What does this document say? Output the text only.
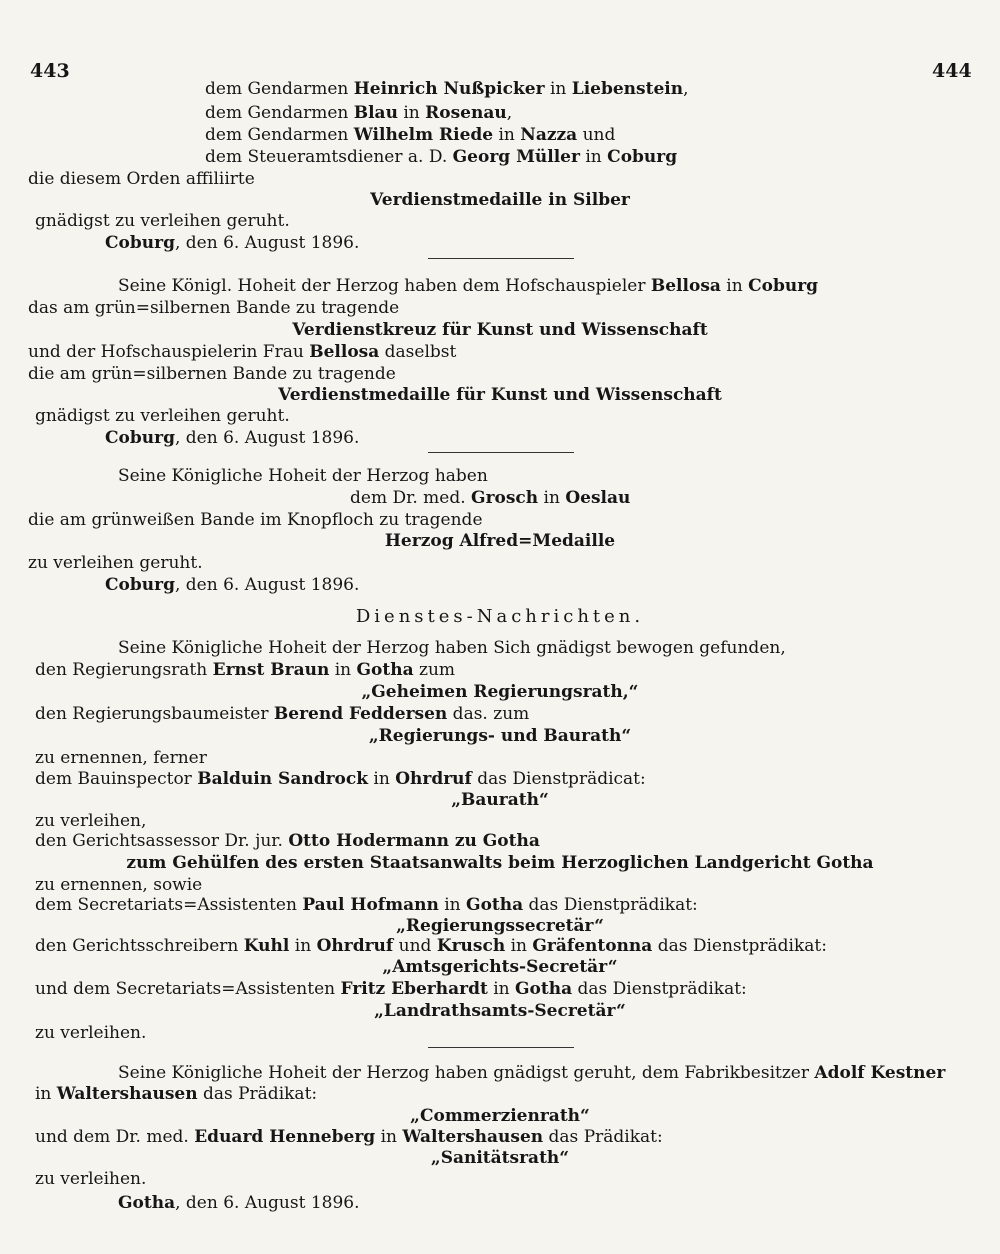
443	444
dem Gendarmen Heinrich Nußpicker in Liebenstein,
dem Gendarmen Blau in Rosenau,
dem Gendarmen Wilhelm Riede in Nazza und
dem Steueramtsdiener a. D. Georg Müller in Coburg
die diesem Orden affiliirte
Verdienstmedaille in Silber
gnädigst zu verleihen geruht.
Coburg, den 6. August 1896.
Seine Königl. Hoheit der Herzog haben dem Hofschauspieler Bellosa in Coburg
das am grün=silbernen Bande zu tragende
Verdienstkreuz für Kunst und Wissenschaft
und der Hofschauspielerin Frau Bellosa daselbst
die am grün=silbernen Bande zu tragende
Verdienstmedaille für Kunst und Wissenschaft
gnädigst zu verleihen geruht.
Coburg, den 6. August 1896.
Seine Königliche Hoheit der Herzog haben
dem Dr. med. Grosch in Oeslau
die am grünweißen Bande im Knopfloch zu tragende
Herzog Alfred=Medaille
zu verleihen geruht.
Coburg, den 6. August 1896.
Dienstes-Nachrichten.
Seine Königliche Hoheit der Herzog haben Sich gnädigst bewogen gefunden,
den Regierungsrath Ernst Braun in Gotha zum
„Geheimen Regierungsrath,“
den Regierungsbaumeister Berend Feddersen das. zum
„Regierungs- und Baurath“
zu ernennen, ferner
dem Bauinspector Balduin Sandrock in Ohrdruf das Dienstprädicat:
„Baurath“
zu verleihen,
den Gerichtsassessor Dr. jur. Otto Hodermann zu Gotha
zum Gehülfen des ersten Staatsanwalts beim Herzoglichen Landgericht Gotha
zu ernennen, sowie
dem Secretariats=Assistenten Paul Hofmann in Gotha das Dienstprädikat:
„Regierungssecretär“
den Gerichtsschreibern Kuhl in Ohrdruf und Krusch in Gräfentonna das Dienstprädikat:
„Amtsgerichts-Secretär“
und dem Secretariats=Assistenten Fritz Eberhardt in Gotha das Dienstprädikat:
„Landrathsamts-Secretär“
zu verleihen.
Seine Königliche Hoheit der Herzog haben gnädigst geruht, dem Fabrikbesitzer Adolf Kestner
in Waltershausen das Prädikat:
„Commerzienrath“
und dem Dr. med. Eduard Henneberg in Waltershausen das Prädikat:
„Sanitätsrath“
zu verleihen.
Gotha, den 6. August 1896.
